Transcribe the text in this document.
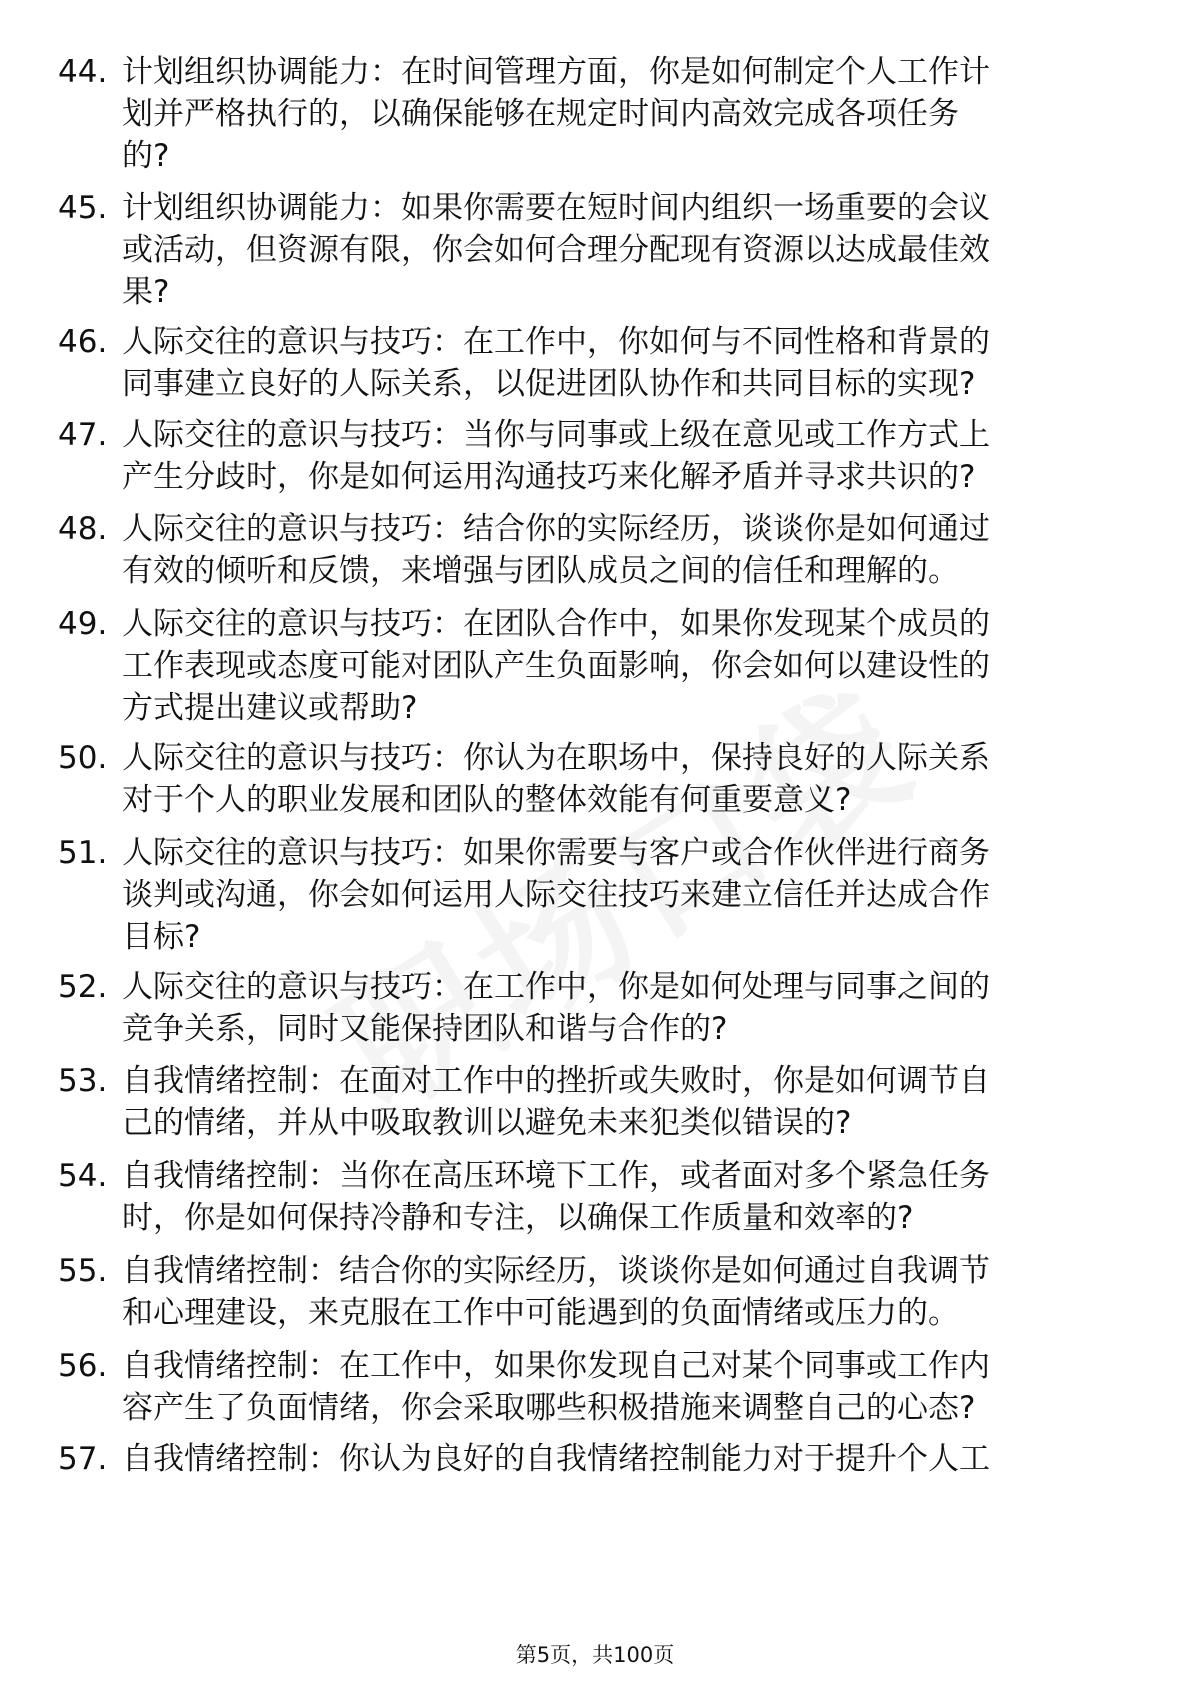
44. 计划组织协调能力：在时间管理方面，你是如何制定个人工作计
划并严格执行的，以确保能够在规定时间内高效完成各项任务
的?
45. 计划组织协调能力：如果你需要在短时间内组织一场重要的会议
或活动，但资源有限，你会如何合理分配现有资源以达成最佳效
果?
46. 人际交往的意识与技巧：在工作中，你如何与不同性格和背景的
同事建立良好的人际关系，以促进团队协作和共同目标的实现?
47. 人际交往的意识与技巧：当你与同事或上级在意见或工作方式上
产生分歧时，你是如何运用沟通技巧来化解矛盾并寻求共识的?
48. 人际交往的意识与技巧：结合你的实际经历，谈谈你是如何通过
有效的倾听和反馈，来增强与团队成员之间的信任和理解的。
49. 人际交往的意识与技巧：在团队合作中，如果你发现某个成员的
工作表现或态度可能对团队产生负面影响，你会如何以建设性的
方式提出建议或帮助?
50. 人际交往的意识与技巧：你认为在职场中，保持良好的人际关系
对于个人的职业发展和团队的整体效能有何重要意义?
51. 人际交往的意识与技巧：如果你需要与客户或合作伙伴进行商务
谈判或沟通，你会如何运用人际交往技巧来建立信任并达成合作
目标?
52. 人际交往的意识与技巧：在工作中，你是如何处理与同事之间的
竞争关系，同时又能保持团队和谐与合作的?
53. 自我情绪控制：在面对工作中的挫折或失败时，你是如何调节自
己的情绪，并从中吸取教训以避免未来犯类似错误的?
54. 自我情绪控制：当你在高压环境下工作，或者面对多个紧急任务
时，你是如何保持冷静和专注，以确保工作质量和效率的?
55. 自我情绪控制：结合你的实际经历，谈谈你是如何通过自我调节
和心理建设，来克服在工作中可能遇到的负面情绪或压力的。
56. 自我情绪控制：在工作中，如果你发现自己对某个同事或工作内
容产生了负面情绪，你会采取哪些积极措施来调整自己的心态?
57. 自我情绪控制：你认为良好的自我情绪控制能力对于提升个人工
第5页，共100页
